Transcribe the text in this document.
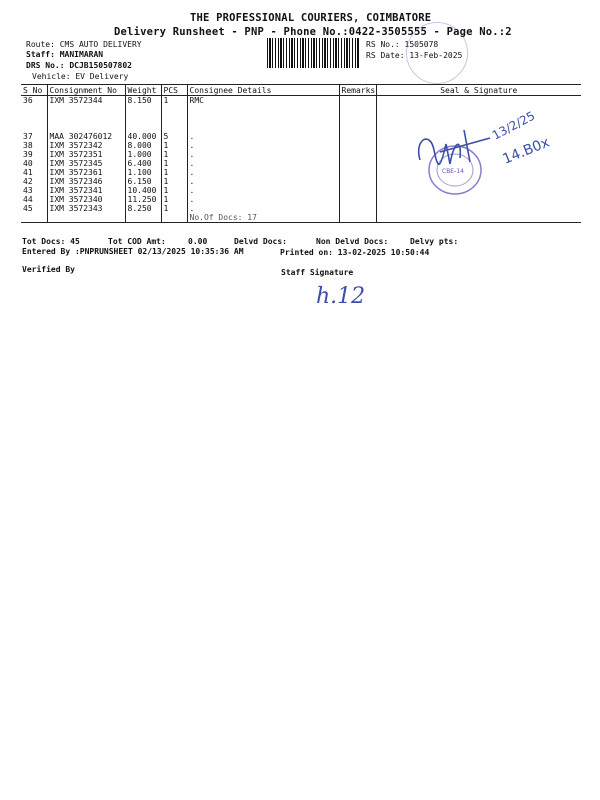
THE PROFESSIONAL COURIERS, COIMBATORE
Delivery Runsheet - PNP - Phone No.:0422-3505555 - Page No.:2
Route: CMS AUTO DELIVERY
Staff: MANIMARAN
DRS No.: DCJB150507802
Vehicle: EV Delivery
RS No.: 1505078
RS Date: 13-Feb-2025
S No	Consignment No	Weight	PCS	Consignee Details	Remarks	Seal & Signature
36	IXM 3572344	8.150	1	RMC		

37	MAA 302476012	40.000	5	.		
38	IXM 3572342	8.000	1	.		
39	IXM 3572351	1.000	1	.		
40	IXM 3572345	6.400	1	.		
41	IXM 3572361	1.100	1	.		
42	IXM 3572346	6.150	1	.		
43	IXM 3572341	10.400	1	.		
44	IXM 3572340	11.250	1	.		
45	IXM 3572343	8.250	1	.		
				No.Of Docs: 17		
CBE-14
13/2/25
14.B0x
Tot Docs: 45	Tot COD Amt:	0.00	Delvd Docs:	Non Delvd Docs:	Delvy pts:
Entered By :PNPRUNSHEET 02/13/2025 10:35:36 AM	Printed on: 13-02-2025 10:50:44
Verified By	Staff Signature
h.12
